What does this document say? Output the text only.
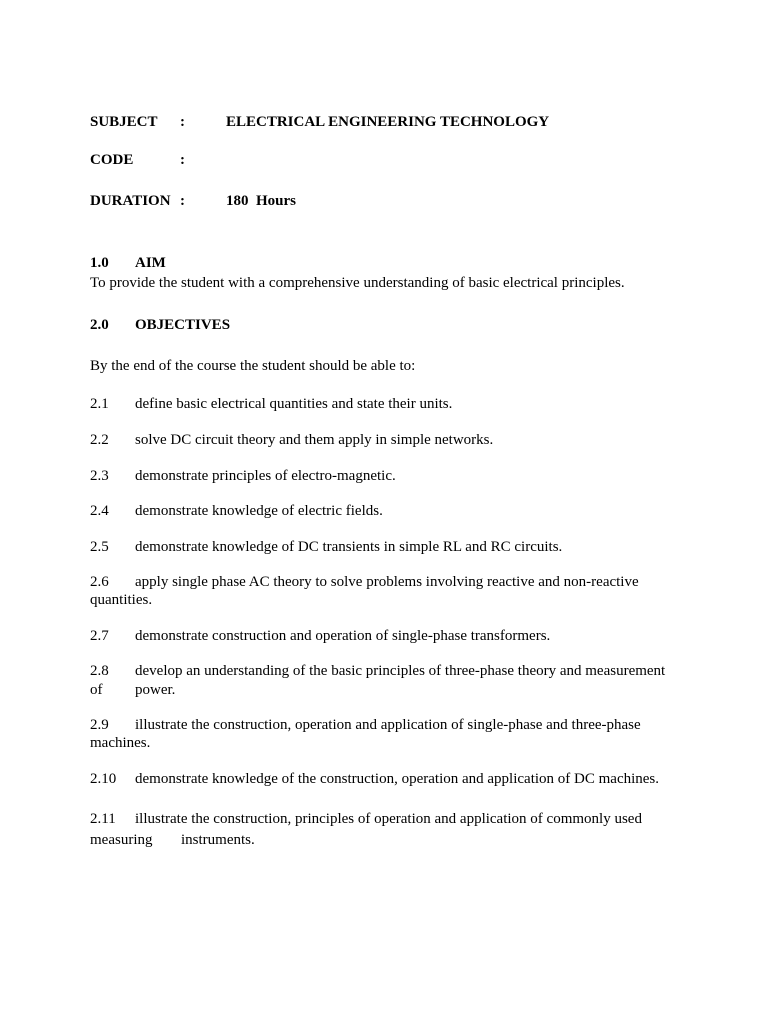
SUBJECT :	ELECTRICAL ENGINEERING TECHNOLOGY
CODE	:
DURATION :	180  Hours
1.0 AIM
To provide the student with a comprehensive understanding of basic electrical principles.
2.0 OBJECTIVES
By the end of the course the student should be able to:
2.1 define basic electrical quantities and state their units.
2.2 solve DC circuit theory and them apply in simple networks.
2.3 demonstrate principles of electro-magnetic.
2.4 demonstrate knowledge of electric fields.
2.5 demonstrate knowledge of DC transients in simple RL and RC circuits.
2.6 apply single phase AC theory to solve problems involving reactive and non-reactive
quantities.
2.7 demonstrate construction and operation of single-phase transformers.
2.8 develop an understanding of the basic principles of three-phase theory and measurement
of power.
2.9 illustrate the construction, operation and application of single-phase and three-phase
machines.
2.10 demonstrate knowledge of the construction, operation and application of DC machines.
2.11 illustrate the construction, principles of operation and application of commonly used
measuring instruments.
